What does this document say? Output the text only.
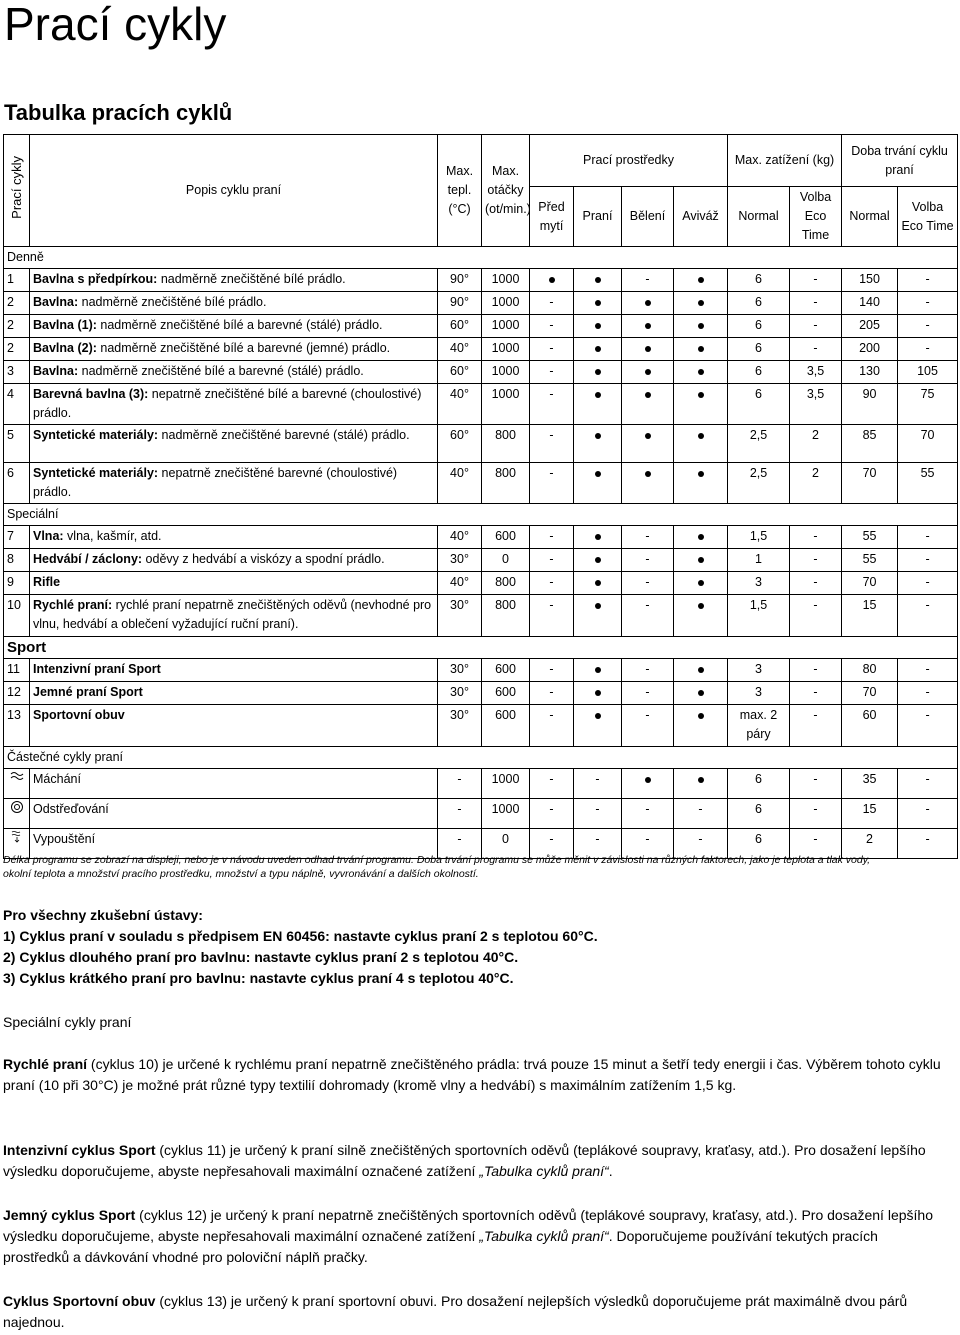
Prací cykly
Tabulka pracích cyklů
Prací cykly	Popis cyklu praní	Max. tepl. (°C)	Max. otáčky (ot/min.)	Prací prostředky				Max. zatížení (kg)		Doba trvání cyklu praní	
				Před mytí	Praní	Bělení	Aviváž	Normal	Volba Eco Time	Normal	Volba Eco Time
Denně											
1	Bavlna s předpírkou: nadměrně znečištěné bílé prádlo.	90°	1000			-		6	-	150	-
2	Bavlna: nadměrně znečištěné bílé prádlo.	90°	1000	-				6	-	140	-
2	Bavlna (1): nadměrně znečištěné bílé a barevné (stálé) prádlo.	60°	1000	-				6	-	205	-
2	Bavlna (2): nadměrně znečištěné bílé a barevné (jemné) prádlo.	40°	1000	-				6	-	200	-
3	Bavlna: nadměrně znečištěné bílé a barevné (stálé) prádlo.	60°	1000	-				6	3,5	130	105
4	Barevná bavlna (3): nepatrně znečištěné bílé a barevné (choulostivé) prádlo.	40°	1000	-				6	3,5	90	75
5	Syntetické materiály: nadměrně znečištěné barevné (stálé) prádlo.	60°	800	-				2,5	2	85	70
6	Syntetické materiály: nepatrně znečištěné barevné (choulostivé) prádlo.	40°	800	-				2,5	2	70	55
Speciální											
7	Vlna: vlna, kašmír, atd.	40°	600	-		-		1,5	-	55	-
8	Hedvábí / záclony: oděvy z hedvábí a viskózy a spodní prádlo.	30°	0	-		-		1	-	55	-
9	Rifle	40°	800	-		-		3	-	70	-
10	Rychlé praní: rychlé praní nepatrně znečištěných oděvů (nevhodné pro vlnu, hedvábí a oblečení vyžadující ruční praní).	30°	800	-		-		1,5	-	15	-
Sport											
11	Intenzivní praní Sport	30°	600	-		-		3	-	80	-
12	Jemné praní Sport	30°	600	-		-		3	-	70	-
13	Sportovní obuv	30°	600	-		-		max. 2 páry	-	60	-
Částečné cykly praní											
	Máchání	-	1000	-	-			6	-	35	-
	Odstřeďování	-	1000	-	-	-	-	6	-	15	-
	Vypouštění	-	0	-	-	-	-	6	-	2	-

Délka programu se zobrazí na displeji, nebo je v návodu uveden odhad trvání programu. Doba trvání programu se může měnit v závislosti na různých faktorech, jako je teplota a tlak vody, okolní teplota a množství pracího prostředku, množství a typu náplně, vyvronávání a dalších okolností.

Pro všechny zkušební ústavy:
1) Cyklus praní v souladu s předpisem EN 60456: nastavte cyklus praní 2 s teplotou 60°C.
2) Cyklus dlouhého praní pro bavlnu: nastavte cyklus praní 2 s teplotou 40°C.
3) Cyklus krátkého praní pro bavlnu: nastavte cyklus praní 4 s teplotou 40°C.
Speciální cykly praní

Rychlé praní (cyklus 10) je určené k rychlému praní nepatrně znečištěného prádla: trvá pouze 15 minut a šetří tedy energii i čas. Výběrem tohoto cyklu praní (10 při 30°C) je možné prát různé typy textilií dohromady (kromě vlny a hedvábí) s maximálním zatížením 1,5 kg.

Intenzivní cyklus Sport (cyklus 11) je určený k praní silně znečištěných sportovních oděvů (teplákové soupravy, kraťasy, atd.). Pro dosažení lepšího výsledku doporučujeme, abyste nepřesahovali maximální označené zatížení „Tabulka cyklů praní“.

Jemný cyklus Sport (cyklus 12) je určený k praní nepatrně znečištěných sportovních oděvů (teplákové soupravy, kraťasy, atd.). Pro dosažení lepšího výsledku doporučujeme, abyste nepřesahovali maximální označené zatížení „Tabulka cyklů praní“. Doporučujeme používání tekutých pracích prostředků a dávkování vhodné pro poloviční náplň pračky.

Cyklus Sportovní obuv (cyklus 13) je určený k praní sportovní obuvi. Pro dosažení nejlepších výsledků doporučujeme prát maximálně dvou párů najednou.
